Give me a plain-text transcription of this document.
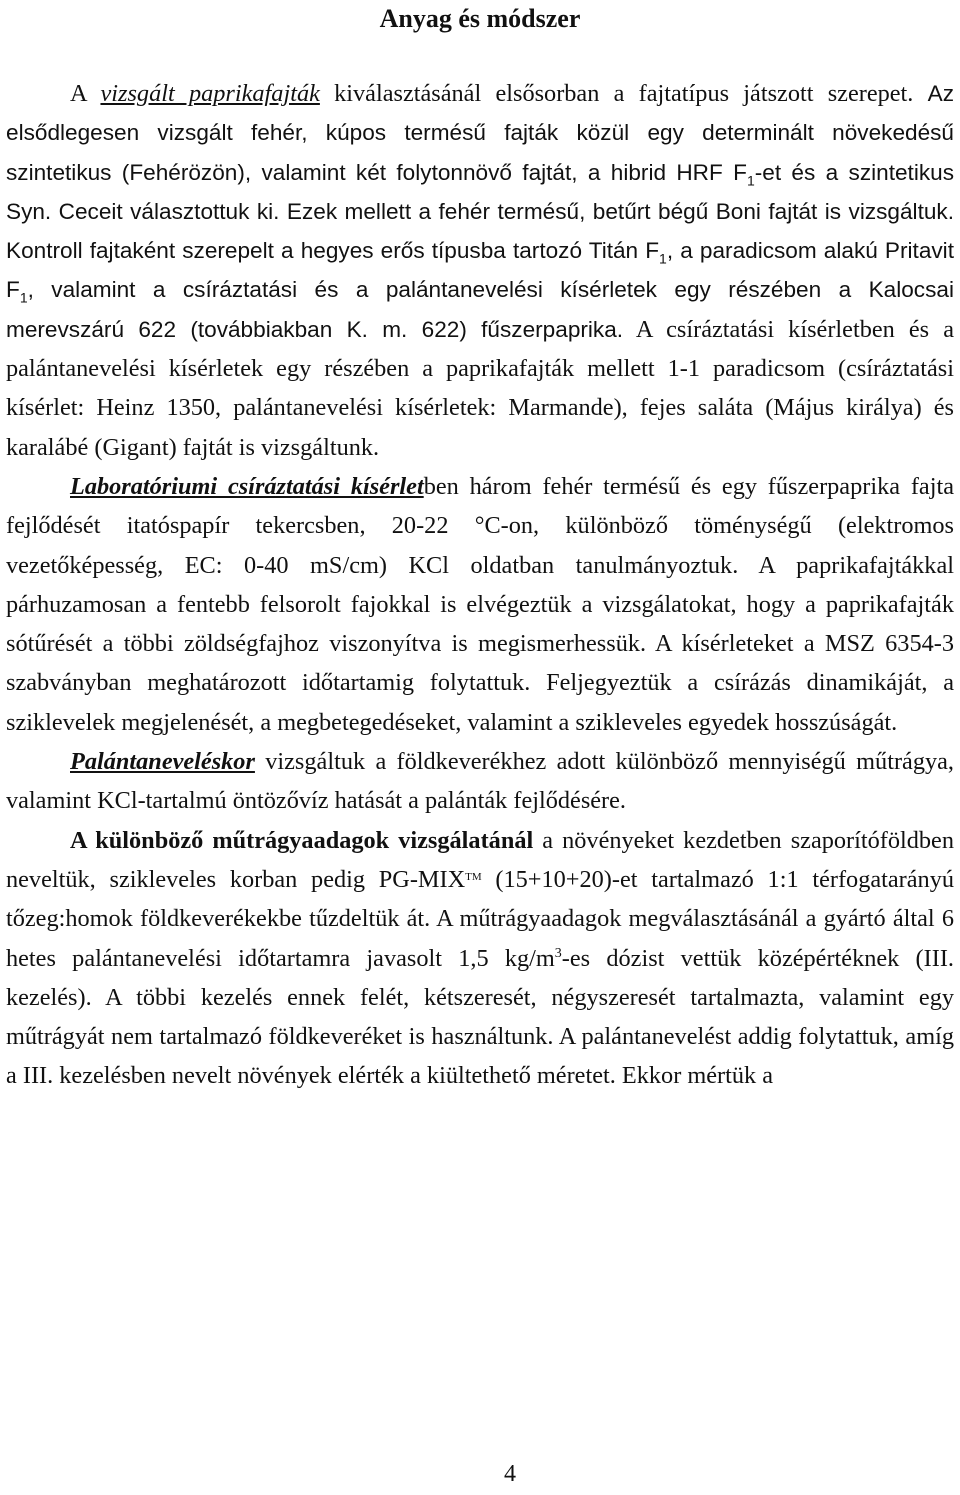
Anyag és módszer

A vizsgált paprikafajták kiválasztásánál elsősorban a fajtatípus játszott szerepet. Az elsődlegesen vizsgált fehér, kúpos termésű fajták közül egy determinált növekedésű szintetikus (Fehérözön), valamint két folytonnövő fajtát, a hibrid HRF $F_1-et$ és a szintetikus Syn. Ceceit választottuk ki. Ezek mellett a fehér termésű, betűrt bégű Boni fajtát is vizsgáltuk. Kontroll fajtaként szerepelt a hegyes erős típusba tartozó Titán $F_1$, a paradicsom alakú Pritavit $F_1$, valamint a csíráztatási és a palántanevelési kísérletek egy részében a Kalocsai merevszárú 622 (továbbiakban K. m. 622) fűszerpaprika. A csíráztatási kísérletben és a palántanevelési kísérletek egy részében a paprikafajták mellett 1-1 paradicsom (csíráztatási kísérlet: Heinz 1350, palántanevelési kísérletek: Marmande), fejes saláta (Május királya) és karalábé (Gigant) fajtát is vizsgáltunk.

Laboratóriumi csíráztatási kísérletben három fehér termésű és egy fűszerpaprika fajta fejlődését itatóspapír tekercsben, 20-22 °C-on, különböző töménységű (elektromos vezetőképesség, EC: 0-40 mS/cm) KCl oldatban tanulmányoztuk. A paprikafajtákkal párhuzamosan a fentebb felsorolt fajokkal is elvégeztük a vizsgálatokat, hogy a paprikafajták sótűrését a többi zöldségfajhoz viszonyítva is megismerhessük. A kísérleteket a MSZ 6354-3 szabványban meghatározott időtartamig folytattuk. Feljegyeztük a csírázás dinamikáját, a sziklevelek megjelenését, a megbetegedéseket, valamint a szikleveles egyedek hosszúságát.

Palántaneveléskor vizsgáltuk a földkeverékhez adott különböző mennyiségű műtrágya, valamint KCl-tartalmú öntözővíz hatását a palánták fejlődésére.

A különböző műtrágyaadagok vizsgálatánál a növényeket kezdetben szaporítóföldben neveltük, szikleveles korban pedig PG-MIX™ (15+10+20)-et tartalmazó 1:1 térfogatarányú tőzeg:homok földkeverékekbe tűzdeltük át. A műtrágyaadagok megválasztásánál a gyártó által 6 hetes palántanevelési időtartamra javasolt 1,5 $kg/m^3-es$ dózist vettük középértéknek (III. kezelés). A többi kezelés ennek felét, kétszeresét, négyszeresét tartalmazta, valamint egy műtrágyát nem tartalmazó földkeveréket is használtunk. A palántanevelést addig folytattuk, amíg a III. kezelésben nevelt növények elérték a kiültethető méretet. Ekkor mértük a

4
